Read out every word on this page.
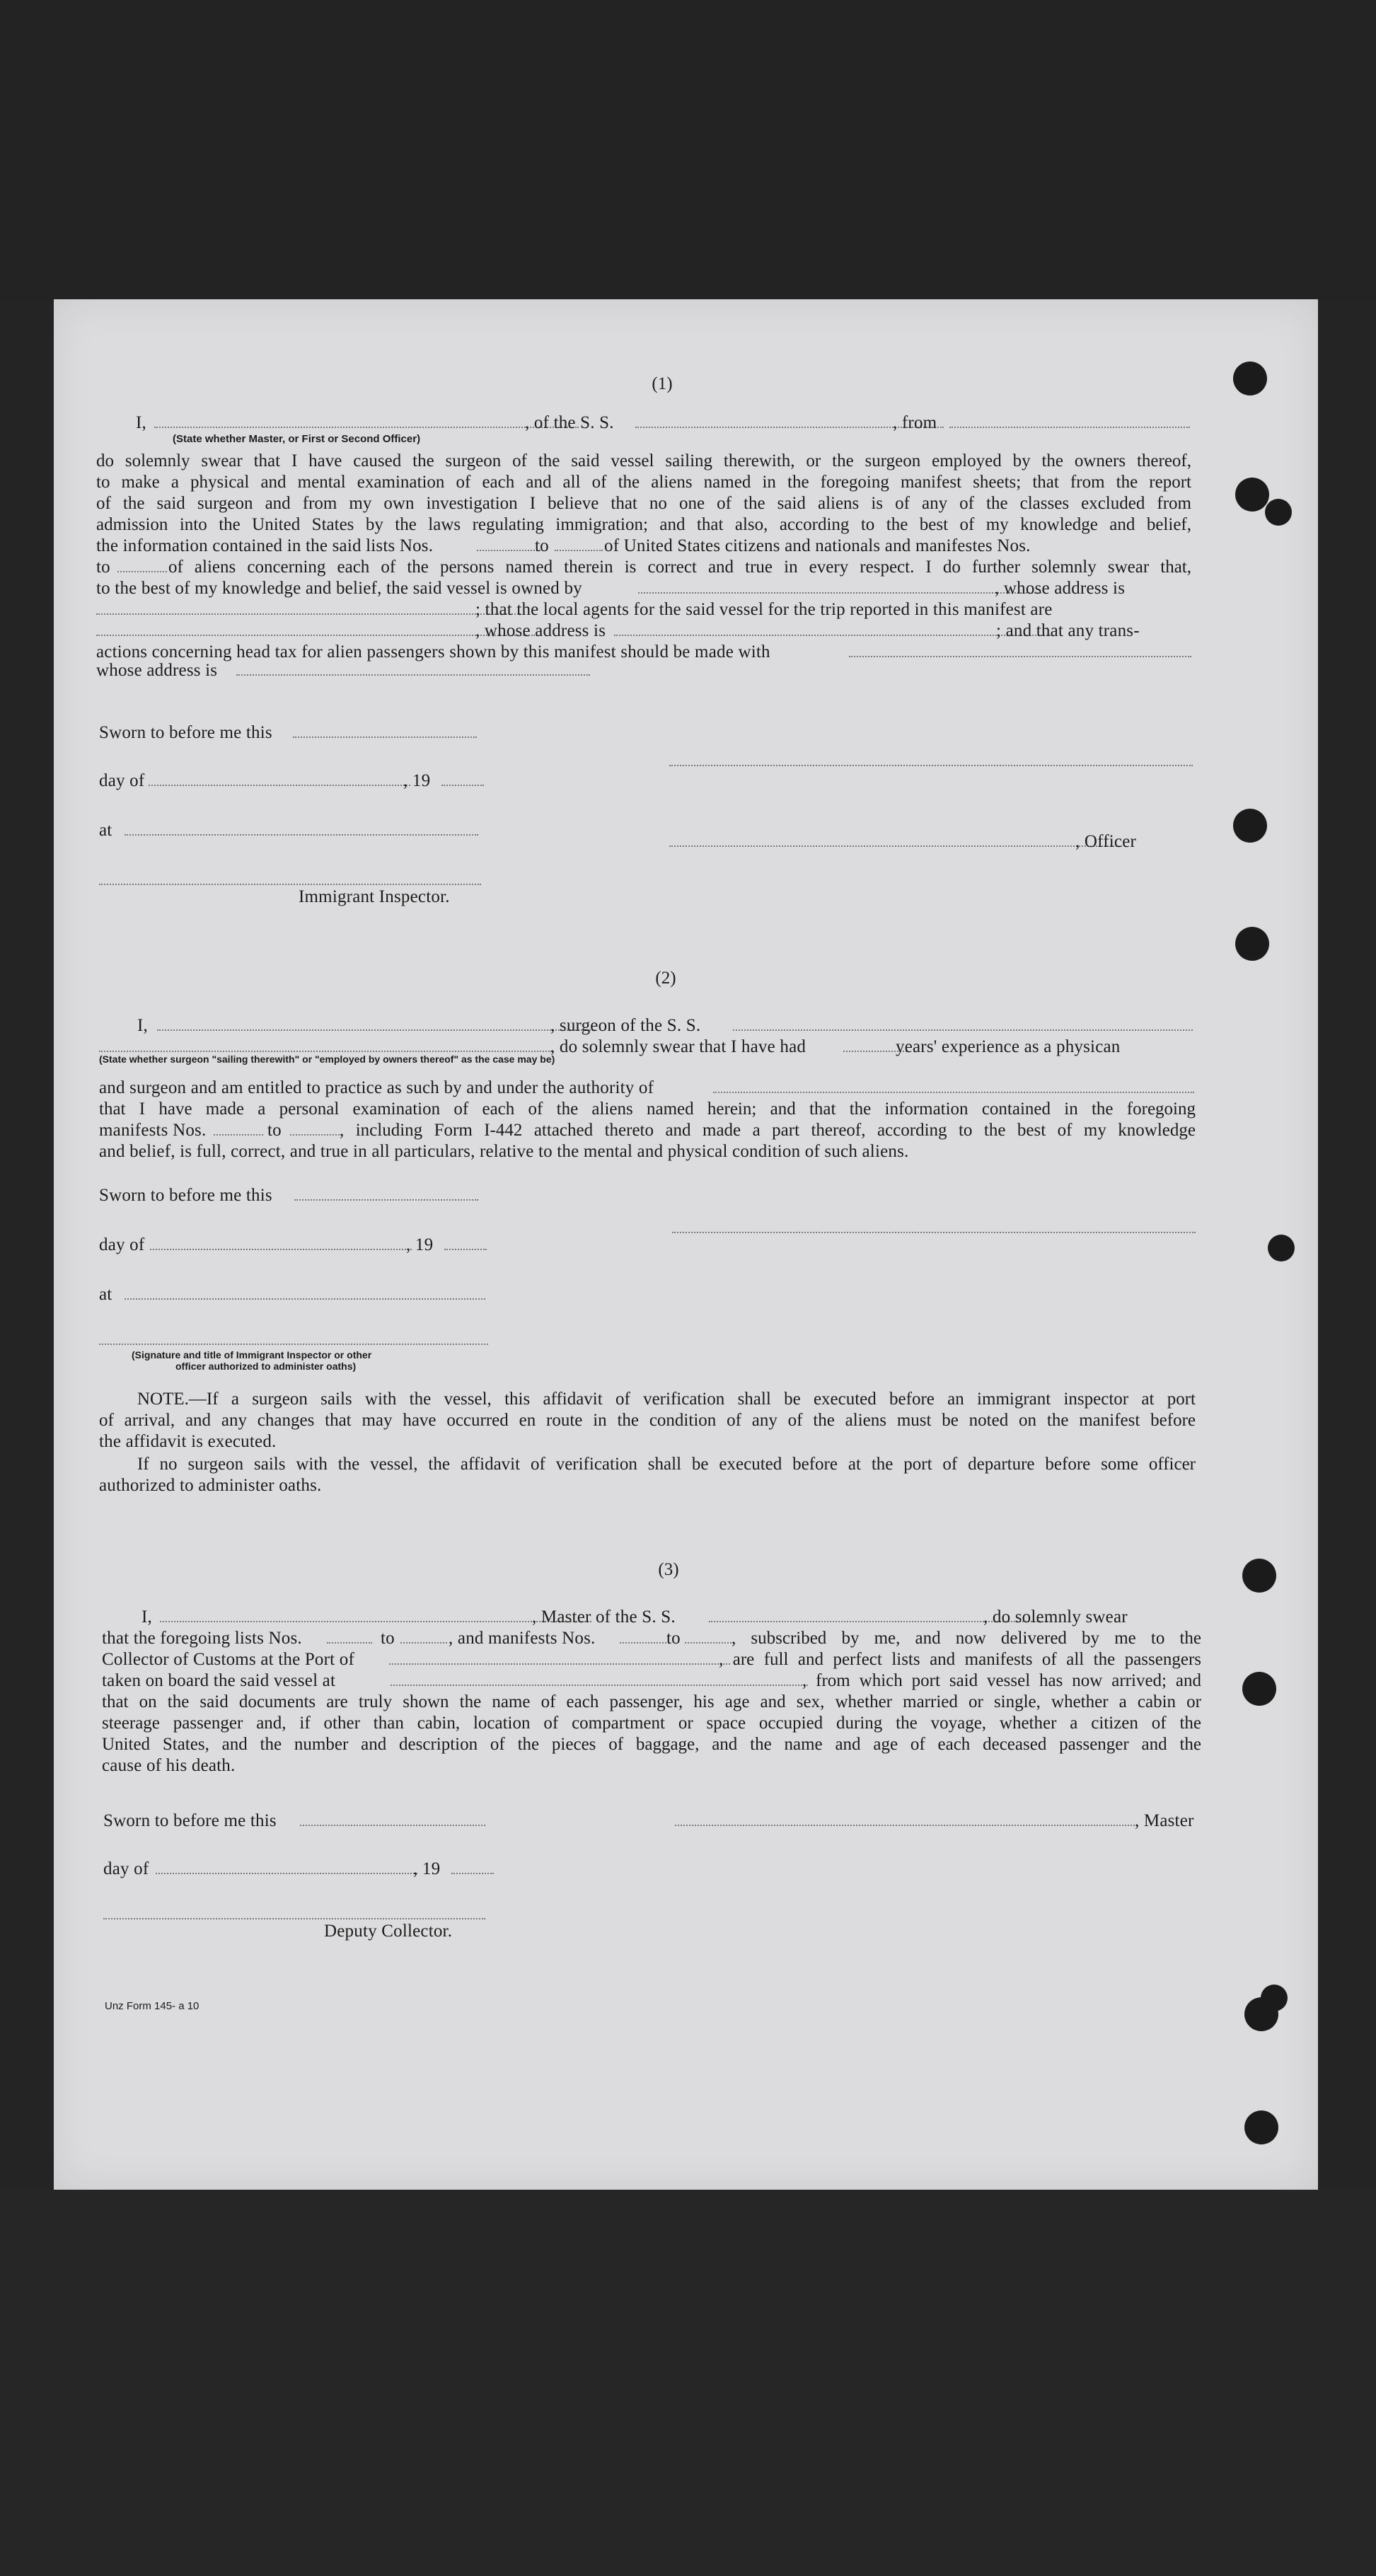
(1)
I,	, of the S. S.	, from
(State whether Master, or First or Second Officer)
do solemnly swear that I have caused the surgeon of the said vessel sailing therewith, or the surgeon employed by the owners thereof,
to make a physical and mental examination of each and all of the aliens named in the foregoing manifest sheets; that from the report
of the said surgeon and from my own investigation I believe that no one of the said aliens is of any of the classes excluded from
admission into the United States by the laws regulating immigration; and that also, according to the best of my knowledge and belief,
the information contained in the said lists Nos.	to	of United States citizens and nationals and manifestes Nos.
to	of aliens concerning each of the persons named therein is correct and true in every respect. I do further solemnly swear that,
to the best of my knowledge and belief, the said vessel is owned by	, whose address is
; that the local agents for the said vessel for the trip reported in this manifest are
, whose address is	; and that any trans-
actions concerning head tax for alien passengers shown by this manifest should be made with
whose address is
Sworn to before me this
day of	, 19
at
, Officer
Immigrant Inspector.
(2)
I,	, surgeon of the S. S.
, do solemnly swear that I have had	years' experience as a physican
(State whether surgeon "sailing therewith" or "employed by owners thereof" as the case may be)
and surgeon and am entitled to practice as such by and under the authority of
that I have made a personal examination of each of the aliens named herein; and that the information contained in the foregoing
manifests Nos.	to	, including Form I-442 attached thereto and made a part thereof, according to the best of my knowledge
and belief, is full, correct, and true in all particulars, relative to the mental and physical condition of such aliens.
Sworn to before me this
day of	, 19
at
(Signature and title of Immigrant Inspector or other
officer authorized to administer oaths)
NOTE.—If a surgeon sails with the vessel, this affidavit of verification shall be executed before an immigrant inspector at port
of arrival, and any changes that may have occurred en route in the condition of any of the aliens must be noted on the manifest before
the affidavit is executed.
If no surgeon sails with the vessel, the affidavit of verification shall be executed before at the port of departure before some officer
authorized to administer oaths.
(3)
I,	, Master of the S. S.	, do solemnly swear
that the foregoing lists Nos.	to	, and manifests Nos.	to	, subscribed by me, and now delivered by me to the
Collector of Customs at the Port of	, are full and perfect lists and manifests of all the passengers
taken on board the said vessel at	, from which port said vessel has now arrived; and
that on the said documents are truly shown the name of each passenger, his age and sex, whether married or single, whether a cabin or
steerage passenger and, if other than cabin, location of compartment or space occupied during the voyage, whether a citizen of the
United States, and the number and description of the pieces of baggage, and the name and age of each deceased passenger and the
cause of his death.
Sworn to before me this	, Master
day of	, 19
Deputy Collector.
Unz Form 145- a 10
